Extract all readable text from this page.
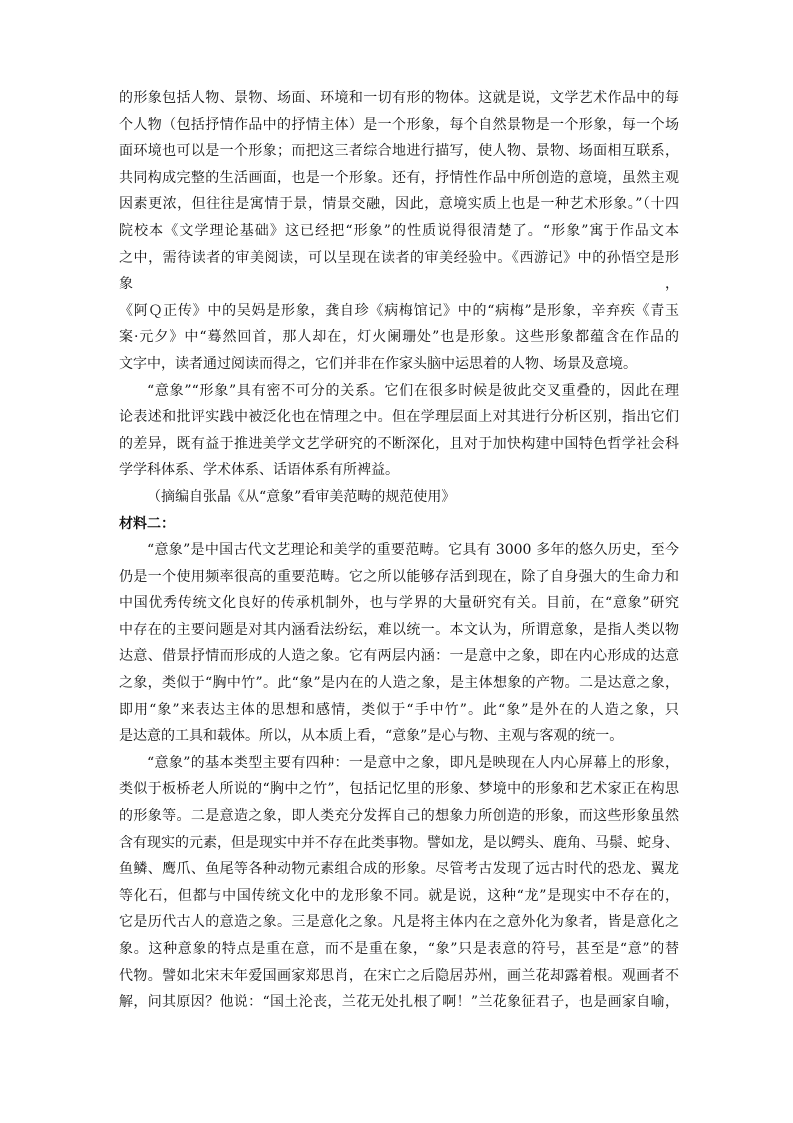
的形象包括人物、景物、场面、环境和一切有形的物体。这就是说，文学艺术作品中的每
个人物（包括抒情作品中的抒情主体）是一个形象，每个自然景物是一个形象，每一个场
面环境也可以是一个形象；而把这三者综合地进行描写，使人物、景物、场面相互联系，
共同构成完整的生活画面，也是一个形象。还有，抒情性作品中所创造的意境，虽然主观
因素更浓，但往往是寓情于景，情景交融，因此，意境实质上也是一种艺术形象。”（十四
院校本《文学理论基础》这已经把“形象”的性质说得很清楚了。“形象”寓于作品文本
之中，需待读者的审美阅读，可以呈现在读者的审美经验中。《西游记》中的孙悟空是形象，
《阿Ｑ正传》中的吴妈是形象，龚自珍《病梅馆记》中的“病梅”是形象，辛弃疾《青玉
案·元夕》中“蓦然回首，那人却在，灯火阑珊处”也是形象。这些形象都蕴含在作品的
文字中，读者通过阅读而得之，它们并非在作家头脑中运思着的人物、场景及意境。

“意象”“形象”具有密不可分的关系。它们在很多时候是彼此交叉重叠的，因此在理
论表述和批评实践中被泛化也在情理之中。但在学理层面上对其进行分析区别，指出它们
的差异，既有益于推进美学文艺学研究的不断深化，且对于加快构建中国特色哲学社会科
学学科体系、学术体系、话语体系有所裨益。

（摘编自张晶《从“意象”看审美范畴的规范使用》

材料二：

“意象”是中国古代文艺理论和美学的重要范畴。它具有 3000 多年的悠久历史，至今
仍是一个使用频率很高的重要范畴。它之所以能够存活到现在，除了自身强大的生命力和
中国优秀传统文化良好的传承机制外，也与学界的大量研究有关。目前，在“意象”研究
中存在的主要问题是对其内涵看法纷纭，难以统一。本文认为，所谓意象，是指人类以物
达意、借景抒情而形成的人造之象。它有两层内涵：一是意中之象，即在内心形成的达意
之象，类似于“胸中竹”。此“象”是内在的人造之象，是主体想象的产物。二是达意之象，
即用“象”来表达主体的思想和感情，类似于“手中竹”。此“象”是外在的人造之象，只
是达意的工具和载体。所以，从本质上看，“意象”是心与物、主观与客观的统一。

“意象”的基本类型主要有四种：一是意中之象，即凡是映现在人内心屏幕上的形象，
类似于板桥老人所说的“胸中之竹”，包括记忆里的形象、梦境中的形象和艺术家正在构思
的形象等。二是意造之象，即人类充分发挥自己的想象力所创造的形象，而这些形象虽然
含有现实的元素，但是现实中并不存在此类事物。譬如龙，是以鳄头、鹿角、马鬃、蛇身、
鱼鳞、鹰爪、鱼尾等各种动物元素组合成的形象。尽管考古发现了远古时代的恐龙、翼龙
等化石，但都与中国传统文化中的龙形象不同。就是说，这种“龙”是现实中不存在的，
它是历代古人的意造之象。三是意化之象。凡是将主体内在之意外化为象者，皆是意化之
象。这种意象的特点是重在意，而不是重在象，“象”只是表意的符号，甚至是“意”的替
代物。譬如北宋末年爱国画家郑思肖，在宋亡之后隐居苏州，画兰花却露着根。观画者不
解，问其原因？他说：“国土沦丧，兰花无处扎根了啊！”兰花象征君子，也是画家自喻，
